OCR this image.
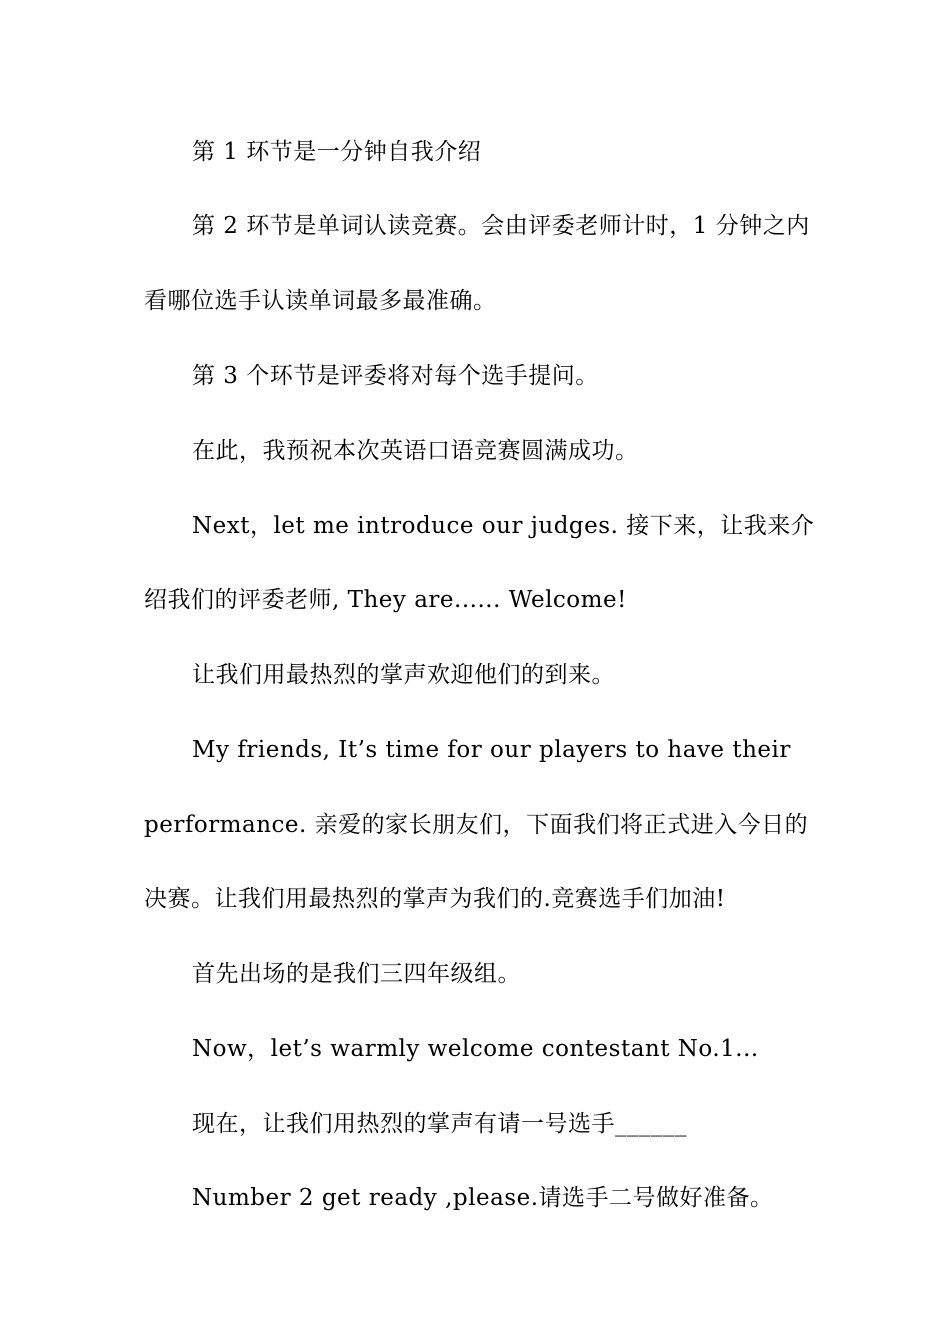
第 1 环节是一分钟自我介绍
第 2 环节是单词认读竞赛。会由评委老师计时，1 分钟之内
看哪位选手认读单词最多最准确。
第 3 个环节是评委将对每个选手提问。
在此，我预祝本次英语口语竞赛圆满成功。
Next，let me introduce our judges. 接下来，让我来介
绍我们的评委老师, They are...... Welcome!
让我们用最热烈的掌声欢迎他们的到来。
My friends, It’s time for our players to have their
performance. 亲爱的家长朋友们，下面我们将正式进入今日的
决赛。让我们用最热烈的掌声为我们的.竞赛选手们加油!
首先出场的是我们三四年级组。
Now，let’s warmly welcome contestant No.1...
现在，让我们用热烈的掌声有请一号选手______
Number 2 get ready ,please.请选手二号做好准备。
